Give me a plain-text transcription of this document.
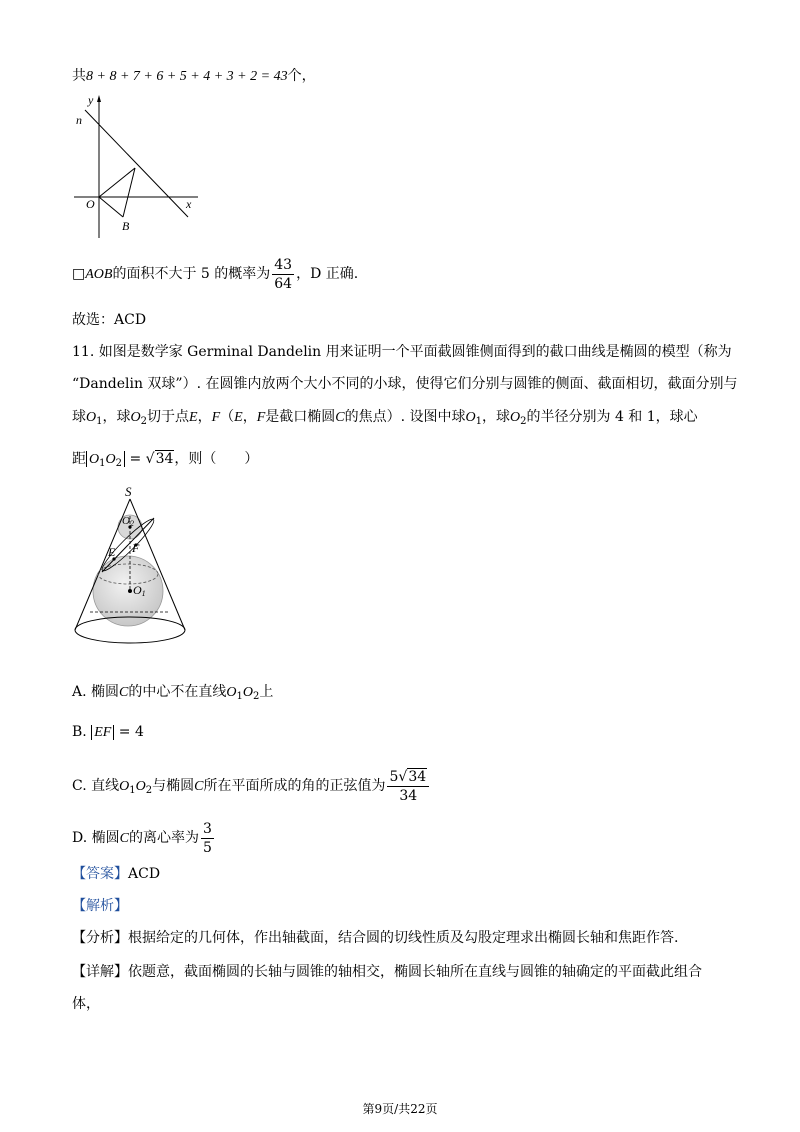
共8 + 8 + 7 + 6 + 5 + 4 + 3 + 2 = 43个，
y
n
O	x
B
□AOB的面积不大于 5 的概率为 $\frac{43}{64}$ ，D 正确.
故选：ACD
11. 如图是数学家 Germinal Dandelin 用来证明一个平面截圆锥侧面得到的截口曲线是椭圆的模型（称为
“Dandelin 双球”）. 在圆锥内放两个大小不同的小球，使得它们分别与圆锥的侧面、截面相切，截面分别与
球$O_1$，球$O_2$切于点E，F（E，F是截口椭圆C的焦点）. 设图中球$O_1$，球$O_2$的半径分别为 4 和 1，球心
距 $O_1O_2 = √34$，则（　　）
S
O2
E F
O1
A. 椭圆C的中心不在直线$O_1O_2$上
B. EF = 4
C. 直线$O_1O_2$与椭圆C所在平面所成的角的正弦值为 $\frac{5√34}{34}$
D. 椭圆C的离心率为 $\frac{3}{5}$
【答案】ACD
【解析】
【分析】根据给定的几何体，作出轴截面，结合圆的切线性质及勾股定理求出椭圆长轴和焦距作答.
【详解】依题意，截面椭圆的长轴与圆锥的轴相交，椭圆长轴所在直线与圆锥的轴确定的平面截此组合
体，
第9页/共22页
